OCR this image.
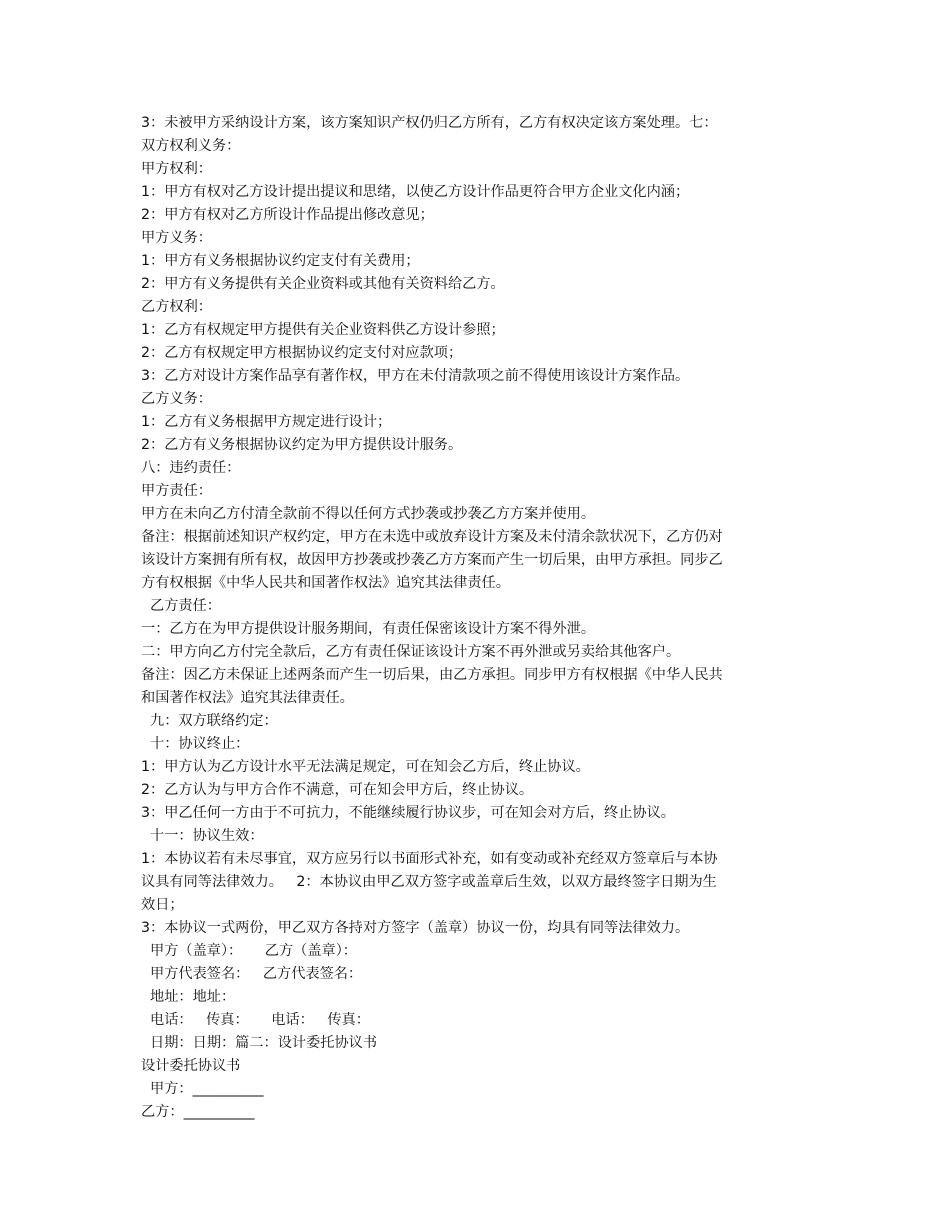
3：未被甲方采纳设计方案，该方案知识产权仍归乙方所有，乙方有权决定该方案处理。七：
双方权利义务：
甲方权利：
1：甲方有权对乙方设计提出提议和思绪，以使乙方设计作品更符合甲方企业文化内涵；
2：甲方有权对乙方所设计作品提出修改意见；
甲方义务：
1：甲方有义务根据协议约定支付有关费用；
2：甲方有义务提供有关企业资料或其他有关资料给乙方。
乙方权利：
1：乙方有权规定甲方提供有关企业资料供乙方设计参照；
2：乙方有权规定甲方根据协议约定支付对应款项；
3：乙方对设计方案作品享有著作权，甲方在未付清款项之前不得使用该设计方案作品。
乙方义务：
1：乙方有义务根据甲方规定进行设计；
2：乙方有义务根据协议约定为甲方提供设计服务。
八：违约责任：
甲方责任：
甲方在未向乙方付清全款前不得以任何方式抄袭或抄袭乙方方案并使用。
备注：根据前述知识产权约定，甲方在未选中或放弃设计方案及未付清余款状况下，乙方仍对
该设计方案拥有所有权，故因甲方抄袭或抄袭乙方方案而产生一切后果，由甲方承担。同步乙
方有权根据《中华人民共和国著作权法》追究其法律责任。
乙方责任：
一：乙方在为甲方提供设计服务期间，有责任保密该设计方案不得外泄。
二：甲方向乙方付完全款后，乙方有责任保证该设计方案不再外泄或另卖给其他客户。
备注：因乙方未保证上述两条而产生一切后果，由乙方承担。同步甲方有权根据《中华人民共
和国著作权法》追究其法律责任。
九：双方联络约定：
十：协议终止：
1：甲方认为乙方设计水平无法满足规定，可在知会乙方后，终止协议。
2：乙方认为与甲方合作不满意，可在知会甲方后，终止协议。
3：甲乙任何一方由于不可抗力，不能继续履行协议步，可在知会对方后，终止协议。
十一：协议生效：
1：本协议若有未尽事宜，双方应另行以书面形式补充，如有变动或补充经双方签章后与本协
议具有同等法律效力。   2：本协议由甲乙双方签字或盖章后生效，以双方最终签字日期为生
效日；
3：本协议一式两份，甲乙双方各持对方签字（盖章）协议一份，均具有同等法律效力。
甲方（盖章）：     乙方（盖章）：
甲方代表签名：   乙方代表签名：
地址：地址：
电话：   传真：     电话：   传真：
日期：日期：篇二：设计委托协议书
设计委托协议书
甲方：__________
乙方：__________
